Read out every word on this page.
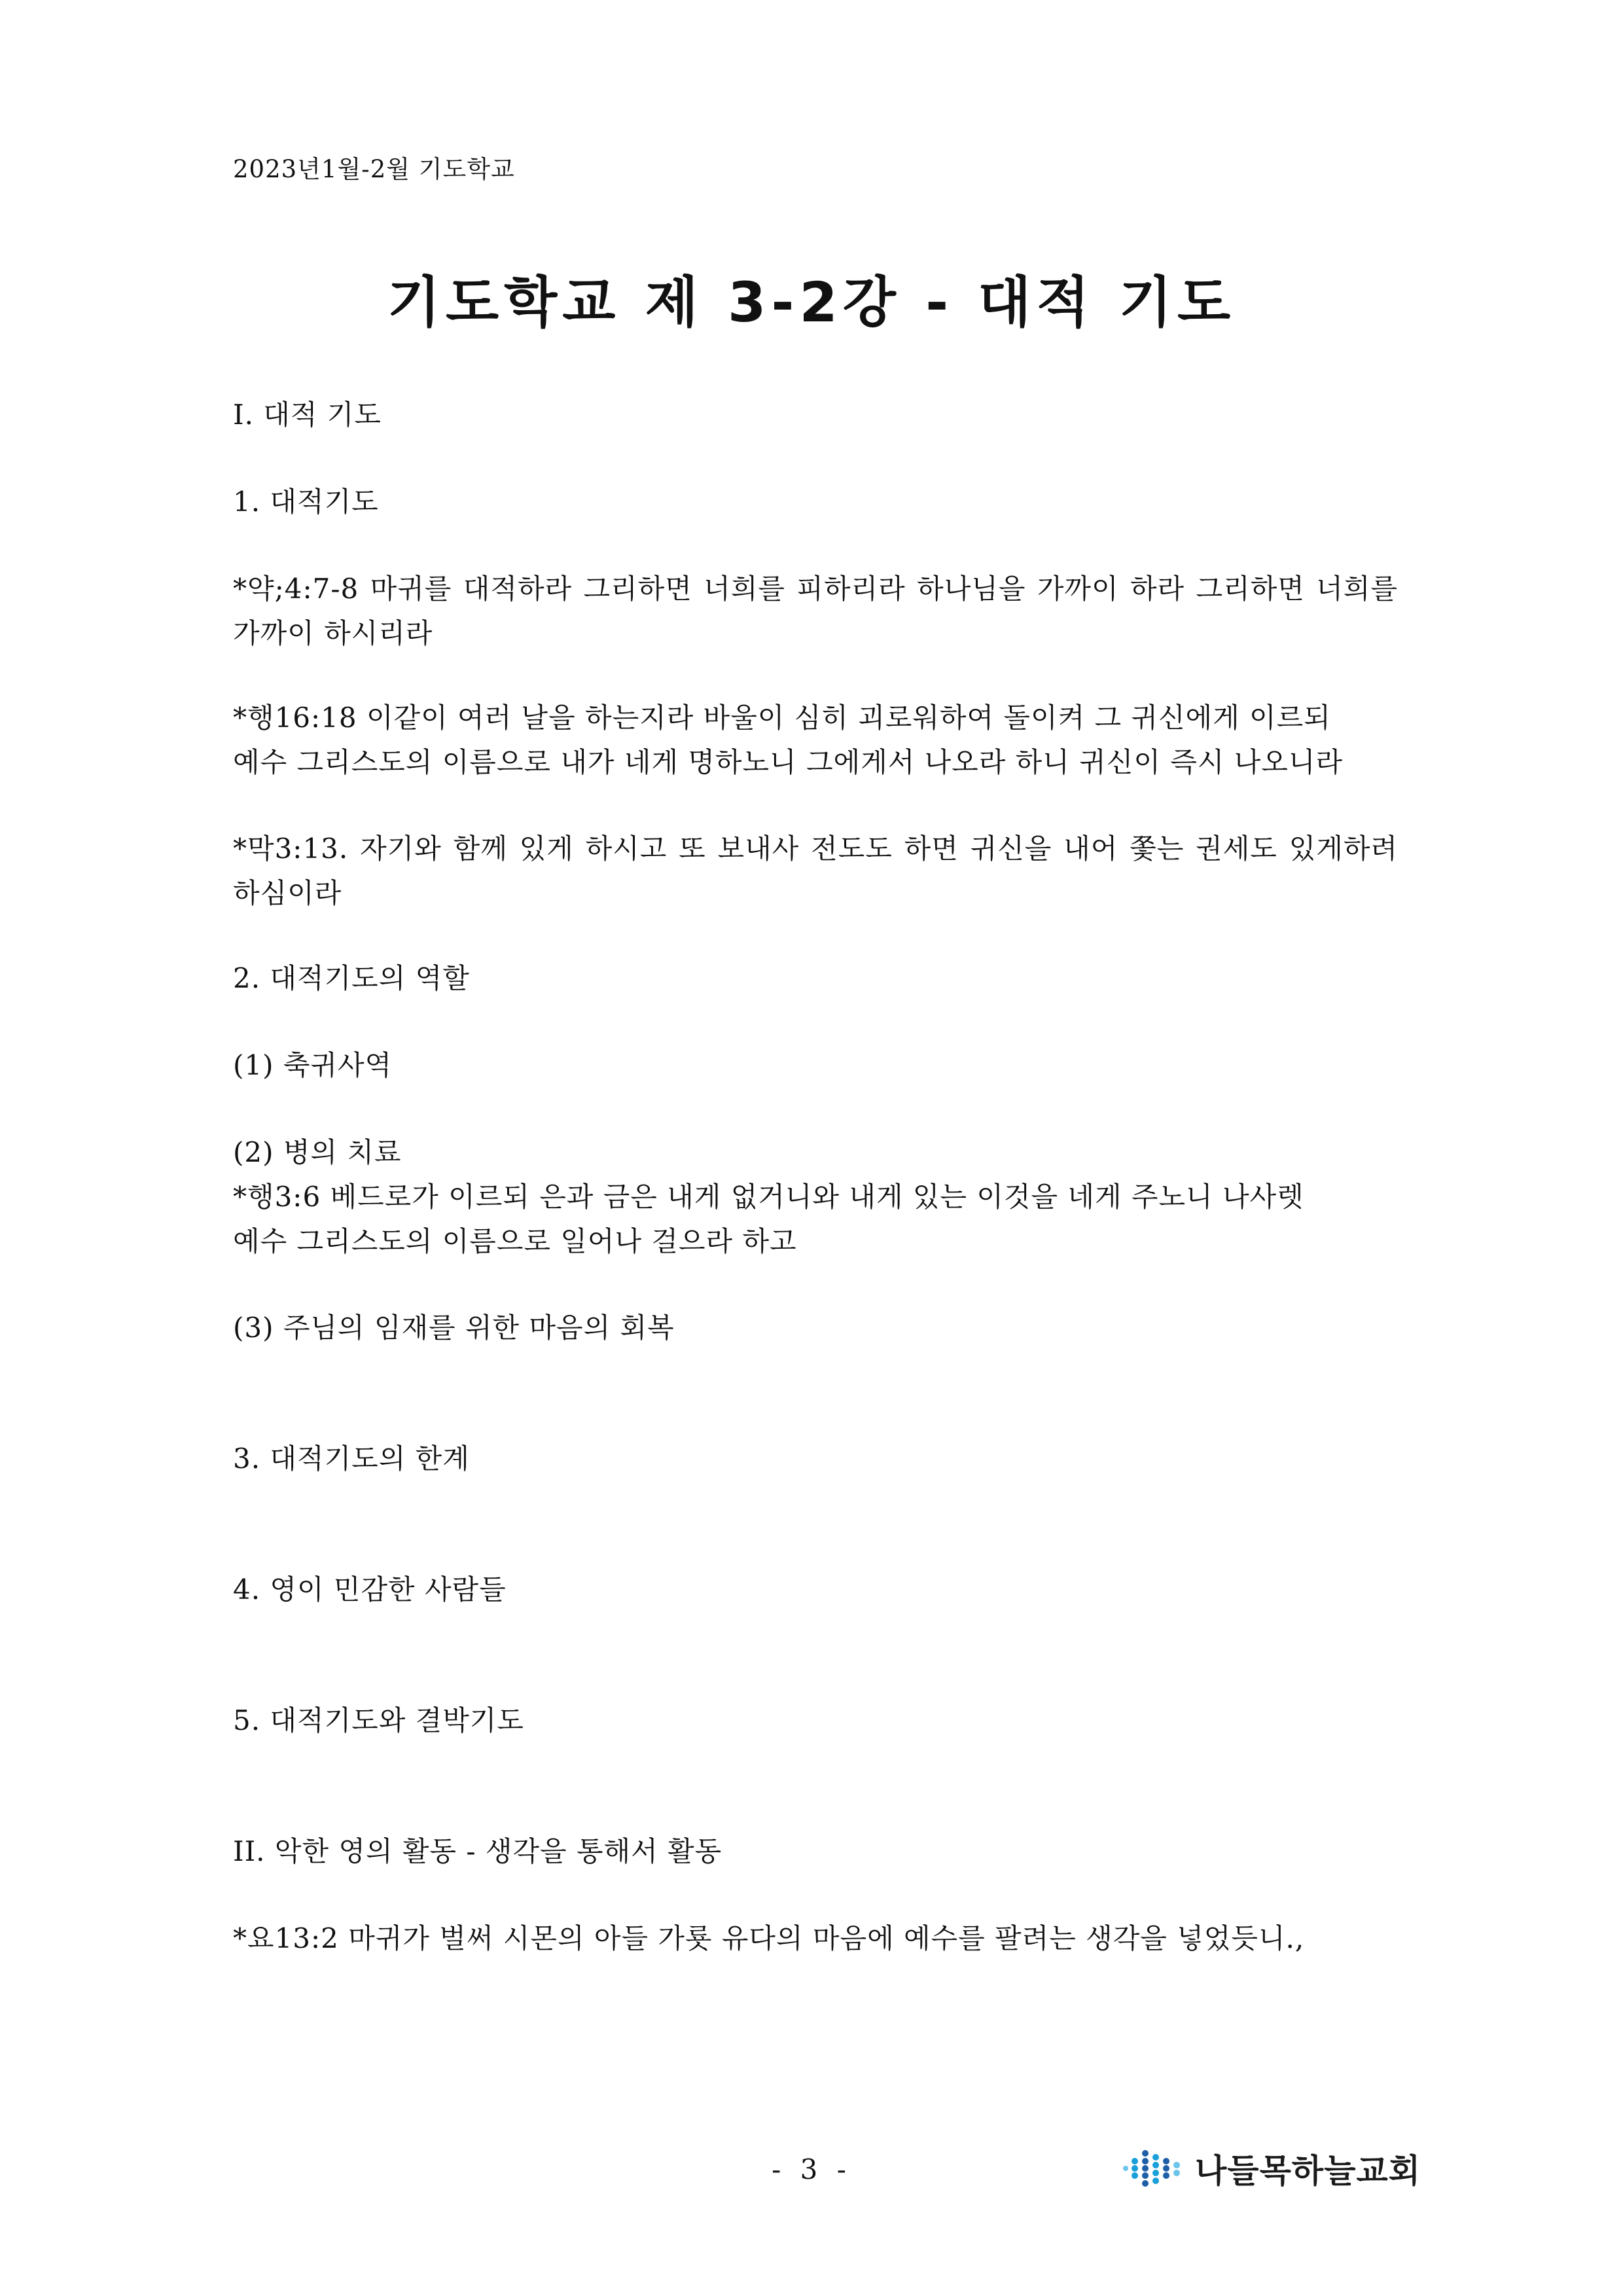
2023년1월-2월 기도학교
기도학교 제 3-2강 - 대적 기도
I. 대적 기도
1. 대적기도
*약;4:7-8 마귀를 대적하라 그리하면 너희를 피하리라 하나님을 가까이 하라 그리하면 너희를 가까이 하시리라
*행16:18 이같이 여러 날을 하는지라 바울이 심히 괴로워하여 돌이켜 그 귀신에게 이르되
예수 그리스도의 이름으로 내가 네게 명하노니 그에게서 나오라 하니 귀신이 즉시 나오니라
*막3:13. 자기와 함께 있게 하시고 또 보내사 전도도 하면 귀신을 내어 쫓는 권세도 있게하려 하심이라
2. 대적기도의 역할
(1) 축귀사역
(2) 병의 치료
*행3:6 베드로가 이르되 은과 금은 내게 없거니와 내게 있는 이것을 네게 주노니 나사렛
예수 그리스도의 이름으로 일어나 걸으라 하고
(3) 주님의 임재를 위한 마음의 회복
3. 대적기도의 한계
4. 영이 민감한 사람들
5. 대적기도와 결박기도
II. 악한 영의 활동 - 생각을 통해서 활동
*요13:2 마귀가 벌써 시몬의 아들 가룟 유다의 마음에 예수를 팔려는 생각을 넣었듯니.,
- 3 -	나들목하늘교회
